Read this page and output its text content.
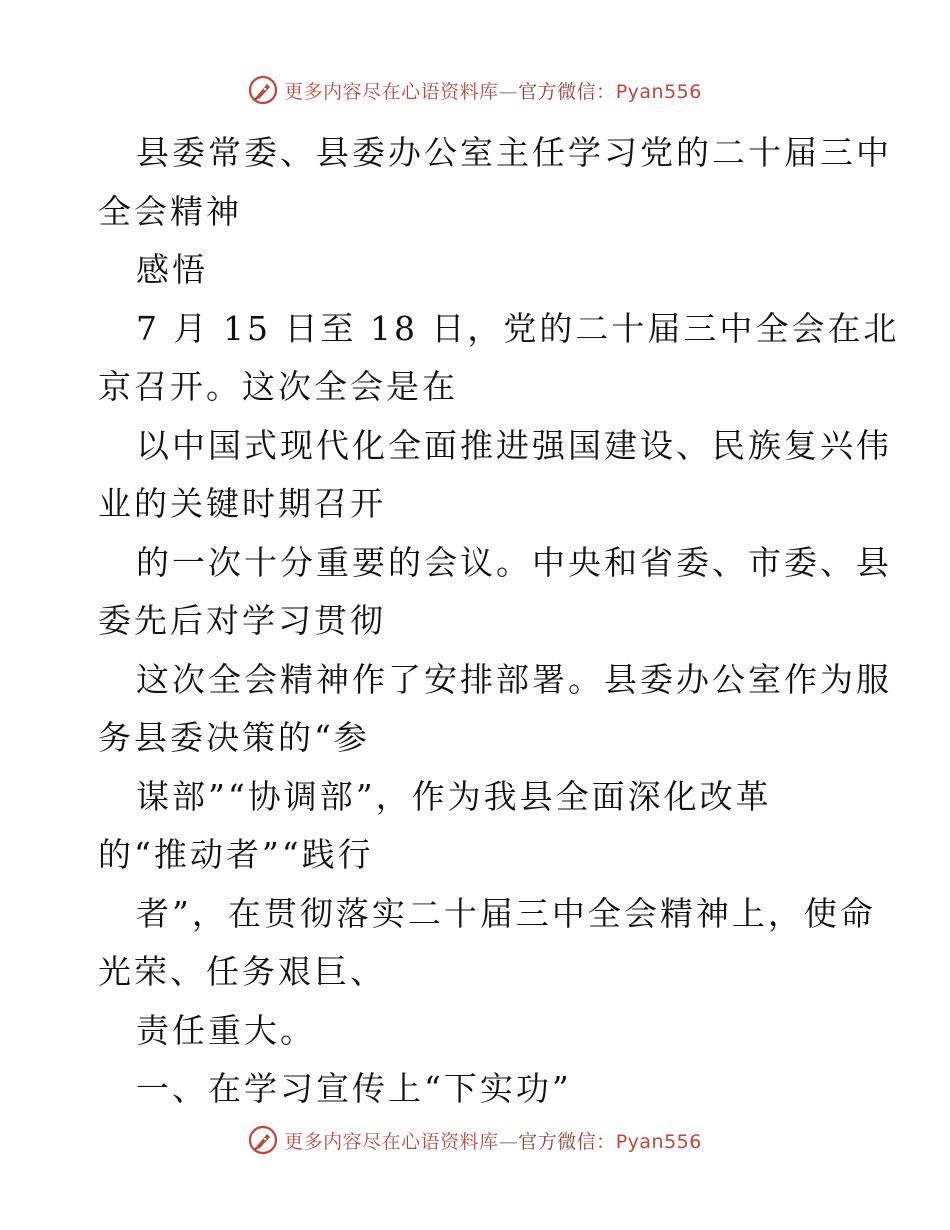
更多内容尽在心语资料库—官方微信：Pyan556
县委常委、县委办公室主任学习党的二十届三中
全会精神
感悟
7 月 15 日至 18 日，党的二十届三中全会在北
京召开。这次全会是在
以中国式现代化全面推进强国建设、民族复兴伟
业的关键时期召开
的一次十分重要的会议。中央和省委、市委、县
委先后对学习贯彻
这次全会精神作了安排部署。县委办公室作为服
务县委决策的“参
谋部”“协调部”，作为我县全面深化改革
的“推动者”“践行
者”，在贯彻落实二十届三中全会精神上，使命
光荣、任务艰巨、
责任重大。
一、在学习宣传上“下实功”
更多内容尽在心语资料库—官方微信：Pyan556
